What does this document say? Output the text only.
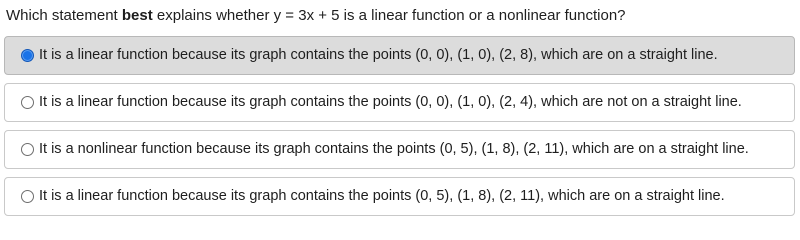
Which statement best explains whether y = 3x + 5 is a linear function or a nonlinear function?
It is a linear function because its graph contains the points (0, 0), (1, 0), (2, 8), which are on a straight line.
It is a linear function because its graph contains the points (0, 0), (1, 0), (2, 4), which are not on a straight line.
It is a nonlinear function because its graph contains the points (0, 5), (1, 8), (2, 11), which are on a straight line.
It is a linear function because its graph contains the points (0, 5), (1, 8), (2, 11), which are on a straight line.
